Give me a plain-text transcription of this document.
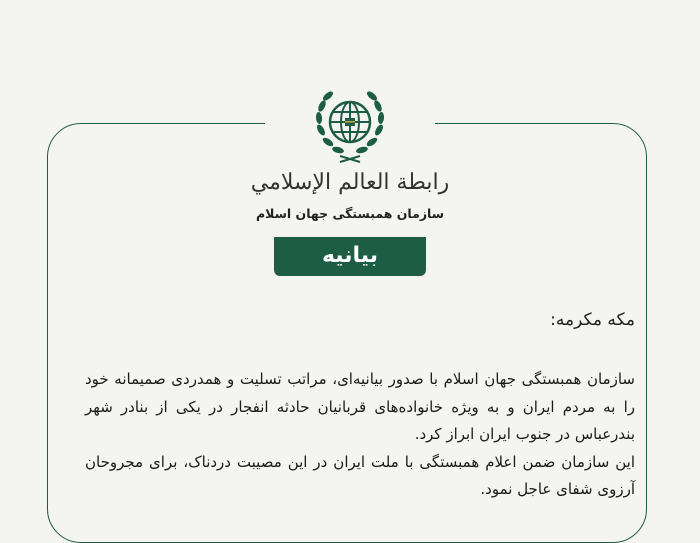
رابطة العالم الإسلامي
سازمان همبستگی جهان اسلام
بیانیه
مکه مکرمه:

سازمان همبستگی جهان اسلام با صدور بیانیه‌ای، مراتب تسلیت و همدردی صمیمانه خود را به مردم ایران و به ویژه خانواده‌های قربانیان حادثه انفجار در یکی از بنادر شهر بندرعباس در جنوب ایران ابراز کرد.

این سازمان ضمن اعلام همبستگی با ملت ایران در این مصیبت دردناک، برای مجروحان آرزوی شفای عاجل نمود.
